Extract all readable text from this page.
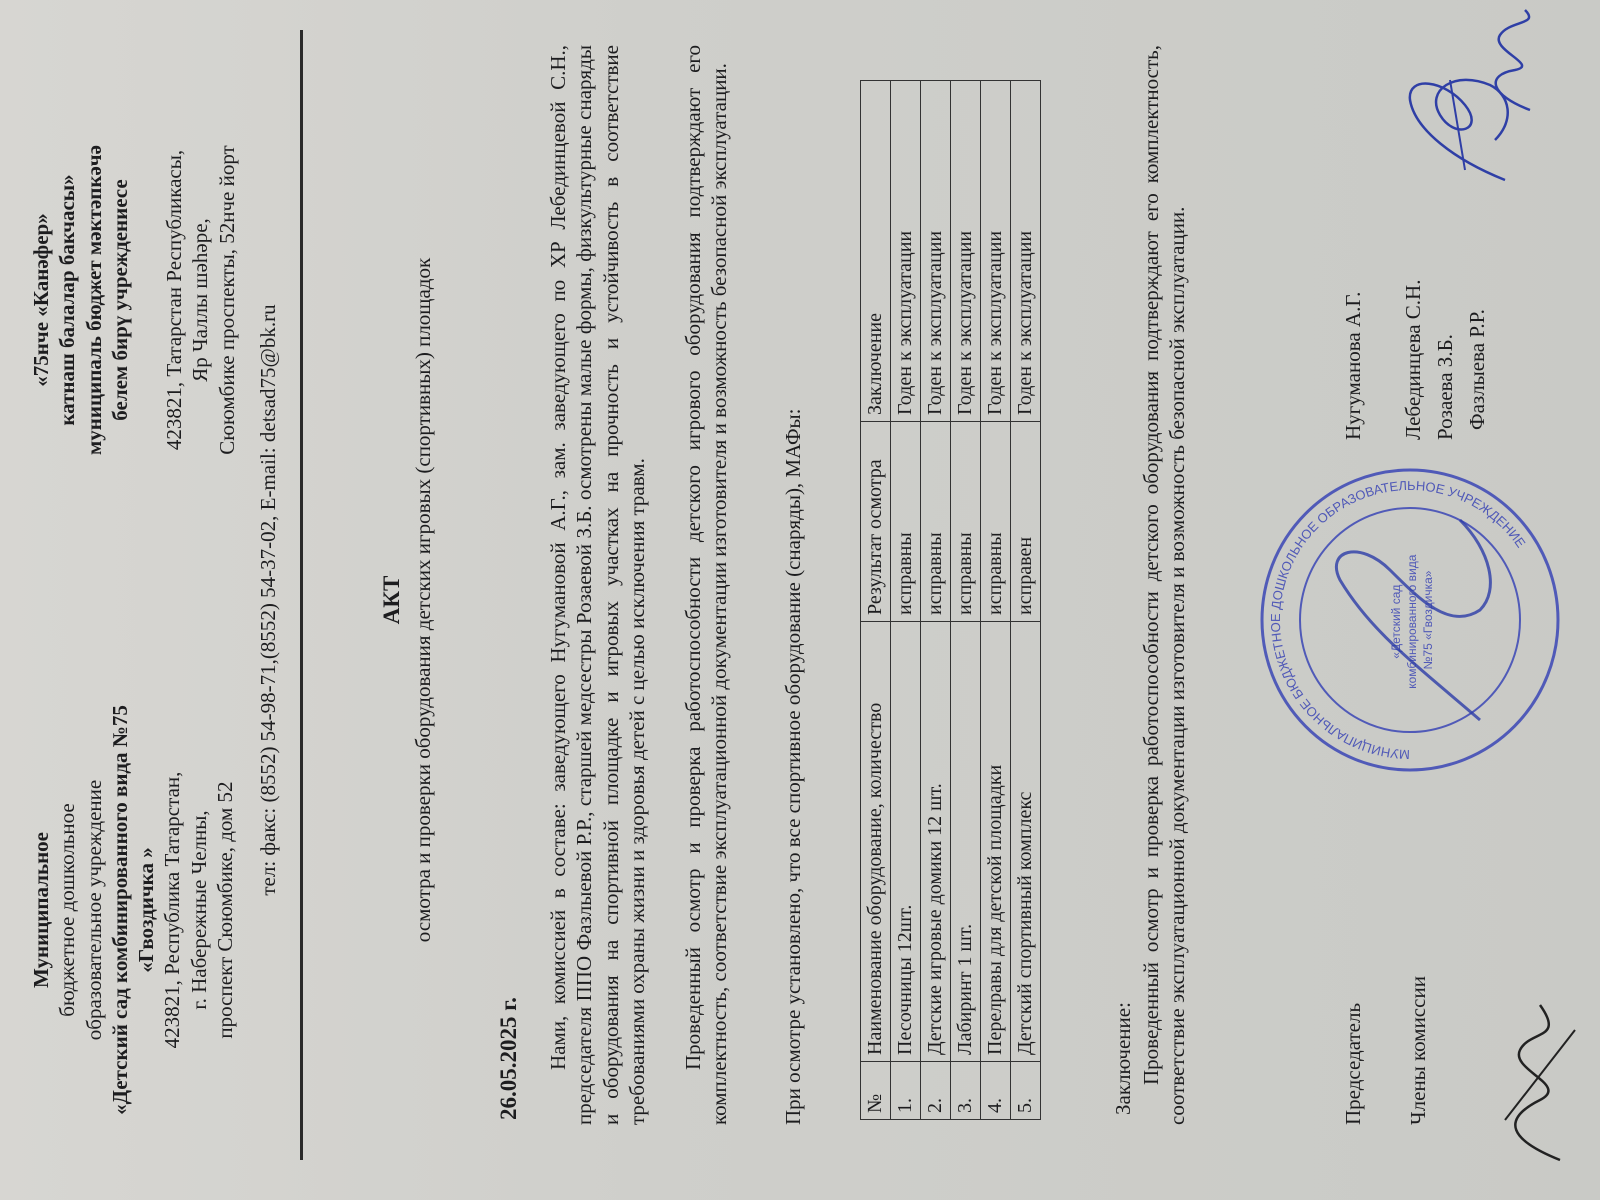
Муниципальное бюджетное дошкольное образовательное учреждение «Детский сад комбинированного вида №75 «Гвоздичка » 423821, Республика Татарстан, г. Набережные Челны, проспект Сююмбике, дом 52
«75нче «Канәфер» катнаш балалар бакчасы» муниципаль бюджет мәктәпкәчә белем бирү учреждениесе 423821, Татарстан Республикасы, Яр Чаллы шәһәре, Сююмбике проспекты, 52нче йорт
тел: факс: (8552) 54-98-71,(8552) 54-37-02, E-mail: detsad75@bk.ru	АКТ осмотра и проверки оборудования детских игровых (спортивных) площадок
26.05.2025 г. Нами, комиссией в составе: заведующего Нугумановой А.Г., зам. заведующего по ХР Лебединцевой С.Н., председателя ППО Фазлыевой Р.Р., старшей медсестры Розаевой З.Б. осмотрены малые формы, физкультурные снаряды и оборудования на спортивной площадке и игровых участках на прочность и устойчивость в соответствие требованиями охраны жизни и здоровья детей с целью исключения травм. Проведенный осмотр и проверка работоспособности детского игрового оборудования подтверждают его комплектность, соответствие эксплуатационной документации изготовителя и возможность безопасной эксплуатации. При осмотре установлено, что все спортивное оборудование (снаряды), МАФы:	№	Наименование оборудование, количество	Результат осмотра	Заключение
1.	Песочницы 12шт.	исправны	Годен к эксплуатации
2.	Детские игровые домики 12 шт.	исправны	Годен к эксплуатации
3.	Лабиринт 1 шт.	исправны	Годен к эксплуатации
4.	Перелравы для детской площадки	исправны	Годен к эксплуатации
5.	Детский спортивный комплекс	исправен	Годен к эксплуатации
Заключение: Проведенный осмотр и проверка работоспособности детского оборудования подтверждают его комплектность, соответствие эксплуатационной документации изготовителя и возможность безопасной эксплуатации.	МУНИЦИПАЛЬНОЕ БЮДЖЕТНОЕ ДОШКОЛЬНОЕ ОБРАЗОВАТЕЛЬНОЕ УЧРЕЖДЕНИЕ
«Детский сад комбинированного вида №75 «Гвоздичка»
Председатель
Нугуманова А.Г.
Члены комиссии
Лебединцева С.Н. Розаева З.Б. Фазлыева Р.Р.
